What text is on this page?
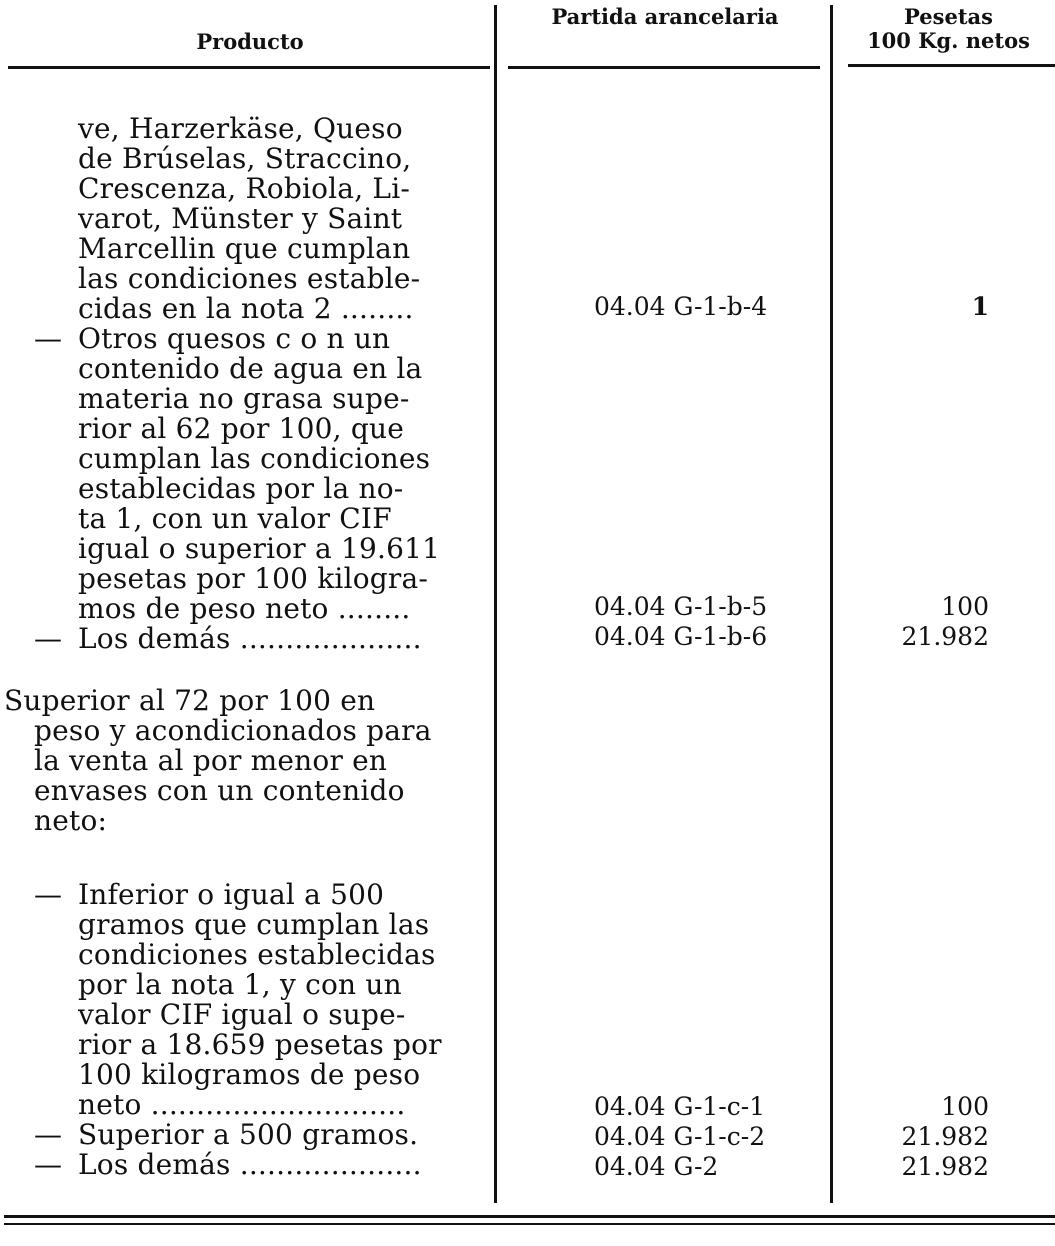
Producto
Partida arancelaria	Pesetas
100 Kg. netos
ve, Harzerkäse, Queso
de Brúselas, Straccino,
Crescenza, Robiola, Li-
varot, Münster y Saint
Marcellin que cumplan
las condiciones estable-
cidas en la nota 2 ........	04.04 G-1-b-4	1
— Otros quesos c o n un
contenido de agua en la
materia no grasa supe-
rior al 62 por 100, que
cumplan las condiciones
establecidas por la no-
ta 1, con un valor CIF
igual o superior a 19.611
pesetas por 100 kilogra-
mos de peso neto ........	04.04 G-1-b-5	100
— Los demás ....................	04.04 G-1-b-6	21.982
Superior al 72 por 100 en
peso y acondicionados para
la venta al por menor en
envases con un contenido
neto:
— Inferior o igual a 500
gramos que cumplan las
condiciones establecidas
por la nota 1, y con un
valor CIF igual o supe-
rior a 18.659 pesetas por
100 kilogramos de peso
neto ............................	04.04 G-1-c-1	100
— Superior a 500 gramos.	04.04 G-1-c-2	21.982
— Los demás ....................	04.04 G-2	21.982
